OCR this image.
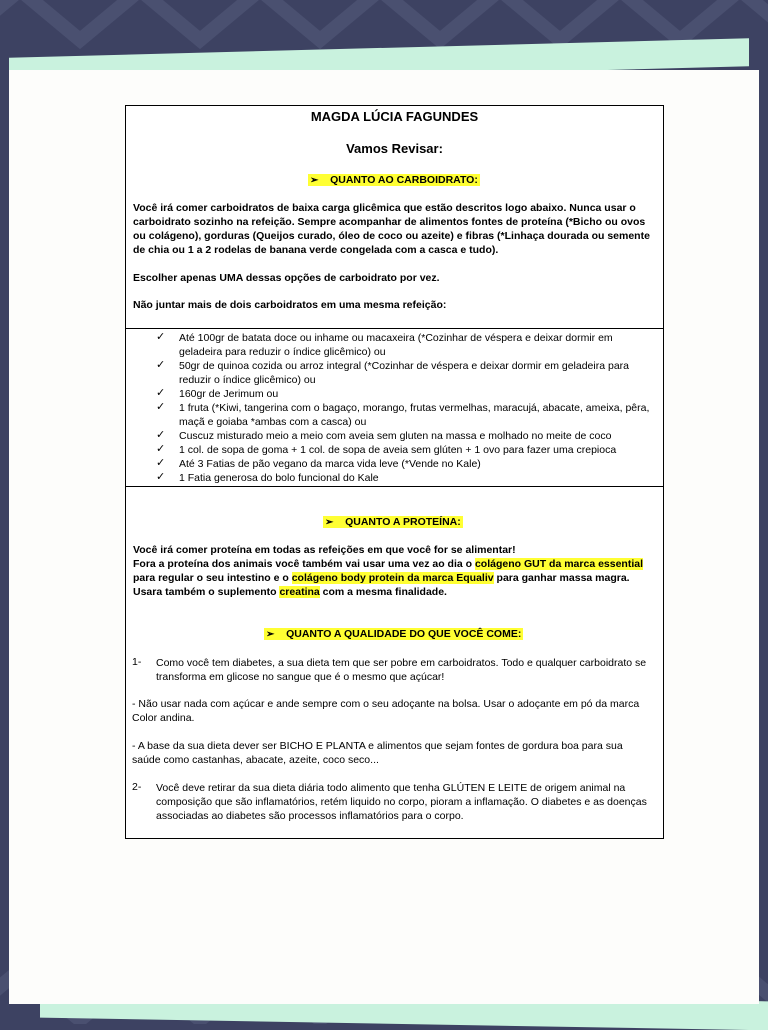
MAGDA LÚCIA FAGUNDES
Vamos Revisar:
➢ QUANTO AO CARBOIDRATO:
Você irá comer carboidratos de baixa carga glicêmica que estão descritos logo abaixo. Nunca usar o
carboidrato sozinho na refeição. Sempre acompanhar de alimentos fontes de proteína (*Bicho ou ovos
ou colágeno), gorduras (Queijos curado, óleo de coco ou azeite) e fibras (*Linhaça dourada ou semente
de chia ou 1 a 2 rodelas de banana verde congelada com a casca e tudo).
Escolher apenas UMA dessas opções de carboidrato por vez.
Não juntar mais de dois carboidratos em uma mesma refeição:
✓ Até 100gr de batata doce ou inhame ou macaxeira (*Cozinhar de véspera e deixar dormir em
geladeira para reduzir o índice glicêmico) ou
✓ 50gr de quinoa cozida ou arroz integral (*Cozinhar de véspera e deixar dormir em geladeira para
reduzir o índice glicêmico) ou
✓ 160gr de Jerimum ou
✓ 1 fruta (*Kiwi, tangerina com o bagaço, morango, frutas vermelhas, maracujá, abacate, ameixa, pêra,
maçã e goiaba *ambas com a casca) ou
✓ Cuscuz misturado meio a meio com aveia sem gluten na massa e molhado no meite de coco
✓ 1 col. de sopa de goma + 1 col. de sopa de aveia sem glúten + 1 ovo para fazer uma crepioca
✓ Até 3 Fatias de pão vegano da marca vida leve (*Vende no Kale)
✓ 1 Fatia generosa do bolo funcional do Kale
➢ QUANTO A PROTEÍNA:
Você irá comer proteína em todas as refeições em que você for se alimentar!
Fora a proteína dos animais você também vai usar uma vez ao dia o colágeno GUT da marca essential
para regular o seu intestino e o colágeno body protein da marca Equaliv para ganhar massa magra.
Usara também o suplemento creatina com a mesma finalidade.
➢ QUANTO A QUALIDADE DO QUE VOCÊ COME:
1- Como você tem diabetes, a sua dieta tem que ser pobre em carboidratos. Todo e qualquer carboidrato se
transforma em glicose no sangue que é o mesmo que açúcar!
- Não usar nada com açúcar e ande sempre com o seu adoçante na bolsa. Usar o adoçante em pó da marca
Color andina.
- A base da sua dieta dever ser BICHO E PLANTA e alimentos que sejam fontes de gordura boa para sua
saúde como castanhas, abacate, azeite, coco seco...
2- Você deve retirar da sua dieta diária todo alimento que tenha GLÚTEN E LEITE de origem animal na
composição que são inflamatórios, retém liquido no corpo, pioram a inflamação. O diabetes e as doenças
associadas ao diabetes são processos inflamatórios para o corpo.
